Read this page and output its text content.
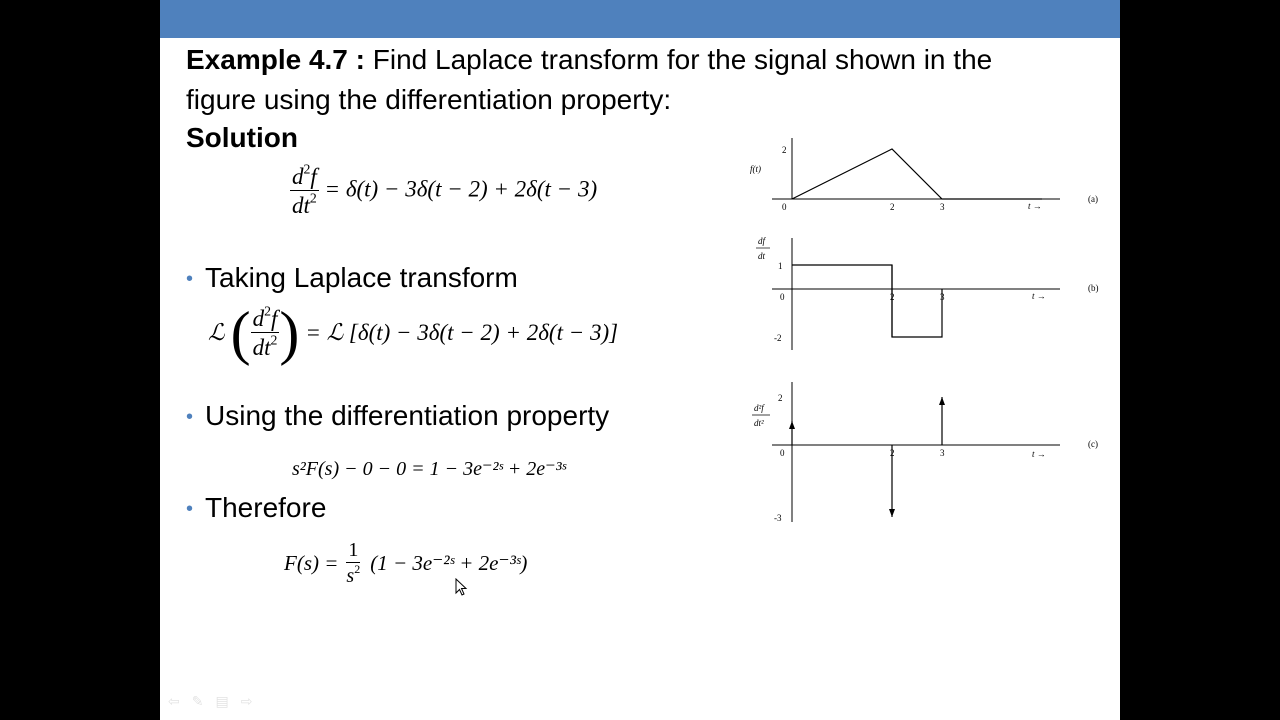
Example 4.7 : Find Laplace transform for the signal shown in the
figure using the differentiation property:
Solution
$\frac{d^2f}{dt^2} = \delta(t) - 3\delta(t - 2) + 2\delta(t - 3)$
• Taking Laplace transform
ℒ ( $\frac{d^2f}{dt^2}$ ) = ℒ [δ(t) − 3δ(t − 2) + 2δ(t − 3)]
• Using the differentiation property
s²F(s) − 0 − 0 = 1 − 3e⁻²ˢ + 2e⁻³ˢ
• Therefore
$F(s) = \frac{1}{s^2} (1$ − 3e⁻²ˢ + 2e⁻³ˢ)
f(t)
2
0	2	3	t →
(a)
df
dt
1
-2
0	2	3	t →
(b)
d²f
dt²
2
-3
0	2	3	t →
(c)
⇦ ✎ ▤ ⇨
